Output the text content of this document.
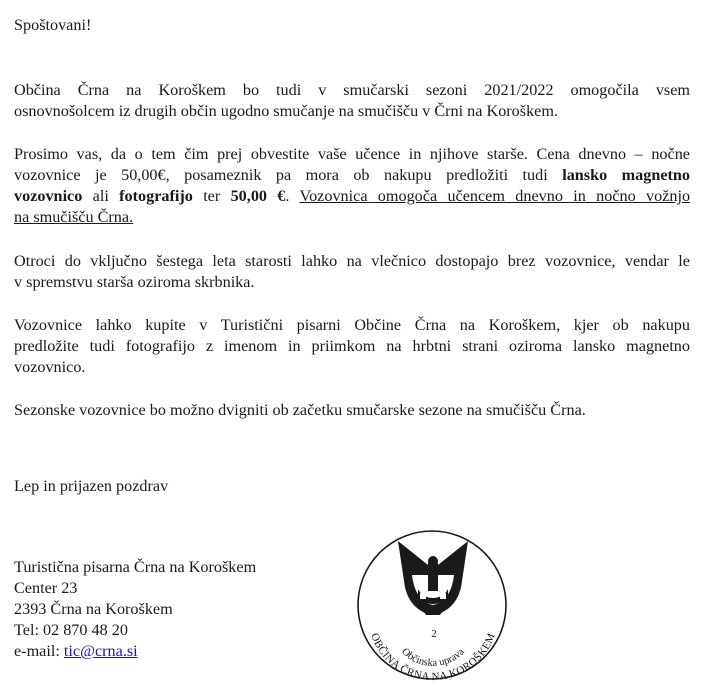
Spoštovani!

Občina Črna na Koroškem bo tudi v smučarski sezoni 2021/2022 omogočila vsem
osnovnošolcem iz drugih občin ugodno smučanje na smučišču v Črni na Koroškem.

Prosimo vas, da o tem čim prej obvestite vaše učence in njihove starše. Cena dnevno – nočne
vozovnice je 50,00€, posameznik pa mora ob nakupu predložiti tudi lansko magnetno
vozovnico ali fotografijo ter 50,00 €. Vozovnica omogoča učencem dnevno in nočno vožnjo
na smučišču Črna.

Otroci do vključno šestega leta starosti lahko na vlečnico dostopajo brez vozovnice, vendar le
v spremstvu starša oziroma skrbnika.

Vozovnice lahko kupite v Turistični pisarni Občine Črna na Koroškem, kjer ob nakupu
predložite tudi fotografijo z imenom in priimkom na hrbtni strani oziroma lansko magnetno
vozovnico.

Sezonske vozovnice bo možno dvigniti ob začetku smučarske sezone na smučišču Črna.

Lep in prijazen pozdrav

Turistična pisarna Črna na Koroškem
Center 23
2393 Črna na Koroškem
Tel: 02 870 48 20
e-mail: tic@crna.si
2
Občinska uprava
OBČINA ČRNA NA KOROŠKEM
